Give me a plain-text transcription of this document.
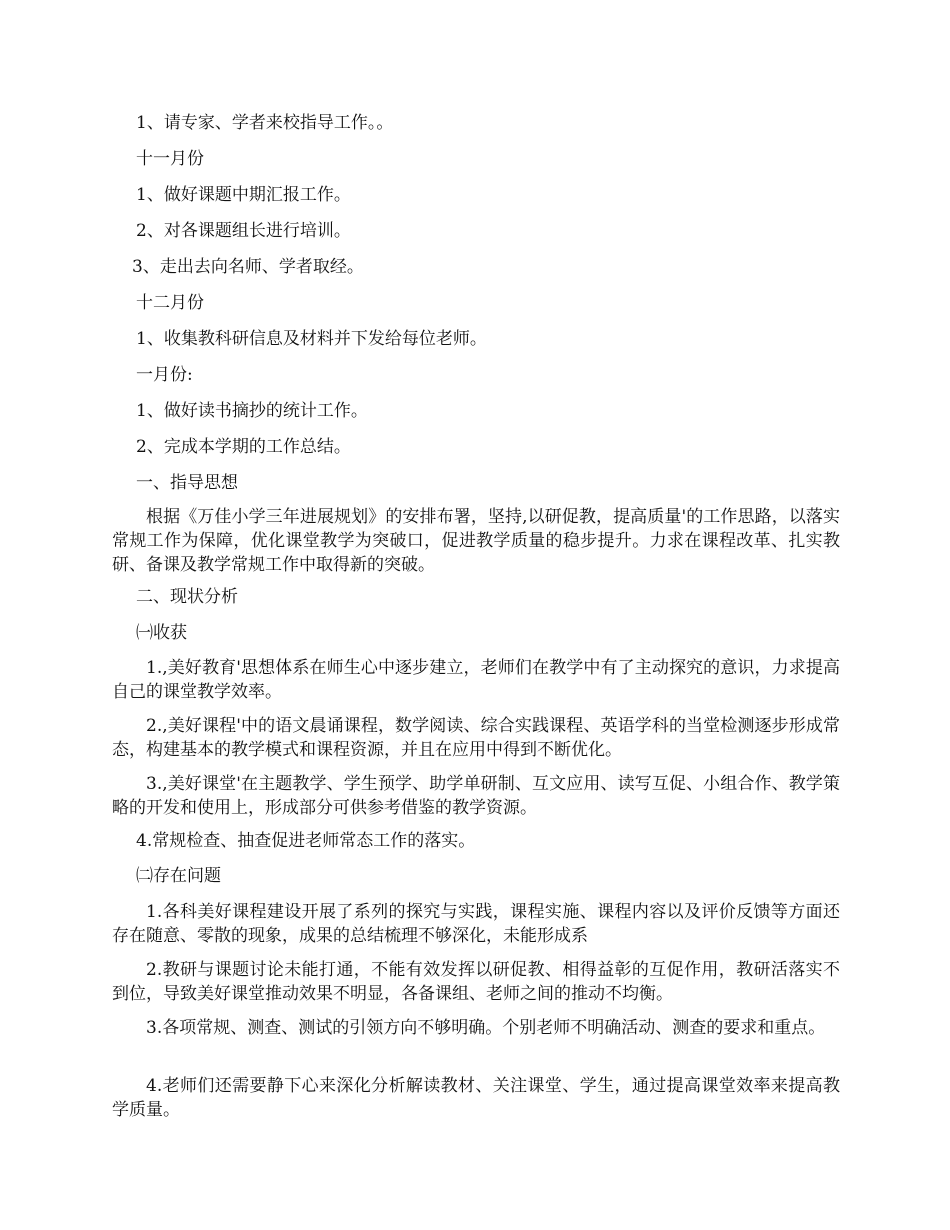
1、请专家、学者来校指导工作。。
十一月份
1、做好课题中期汇报工作。
2、对各课题组长进行培训。
3、走出去向名师、学者取经。
十二月份
1、收集教科研信息及材料并下发给每位老师。
一月份:
1、做好读书摘抄的统计工作。
2、完成本学期的工作总结。
一、指导思想
根据《万佳小学三年进展规划》的安排布署，坚持,以研促教，提高质量'的工作思路，以落实常规工作为保障，优化课堂教学为突破口，促进教学质量的稳步提升。力求在课程改革、扎实教研、备课及教学常规工作中取得新的突破。
二、现状分析
㈠收获
1.,美好教育'思想体系在师生心中逐步建立，老师们在教学中有了主动探究的意识，力求提高自己的课堂教学效率。
2.,美好课程'中的语文晨诵课程，数学阅读、综合实践课程、英语学科的当堂检测逐步形成常态，构建基本的教学模式和课程资源，并且在应用中得到不断优化。
3.,美好课堂'在主题教学、学生预学、助学单研制、互文应用、读写互促、小组合作、教学策略的开发和使用上，形成部分可供参考借鉴的教学资源。
4.常规检查、抽查促进老师常态工作的落实。
㈡存在问题
1.各科美好课程建设开展了系列的探究与实践，课程实施、课程内容以及评价反馈等方面还存在随意、零散的现象，成果的总结梳理不够深化，未能形成系
2.教研与课题讨论未能打通，不能有效发挥以研促教、相得益彰的互促作用，教研活落实不到位，导致美好课堂推动效果不明显，各备课组、老师之间的推动不均衡。
3.各项常规、测查、测试的引领方向不够明确。个别老师不明确活动、测查的要求和重点。
4.老师们还需要静下心来深化分析解读教材、关注课堂、学生，通过提高课堂效率来提高教学质量。
